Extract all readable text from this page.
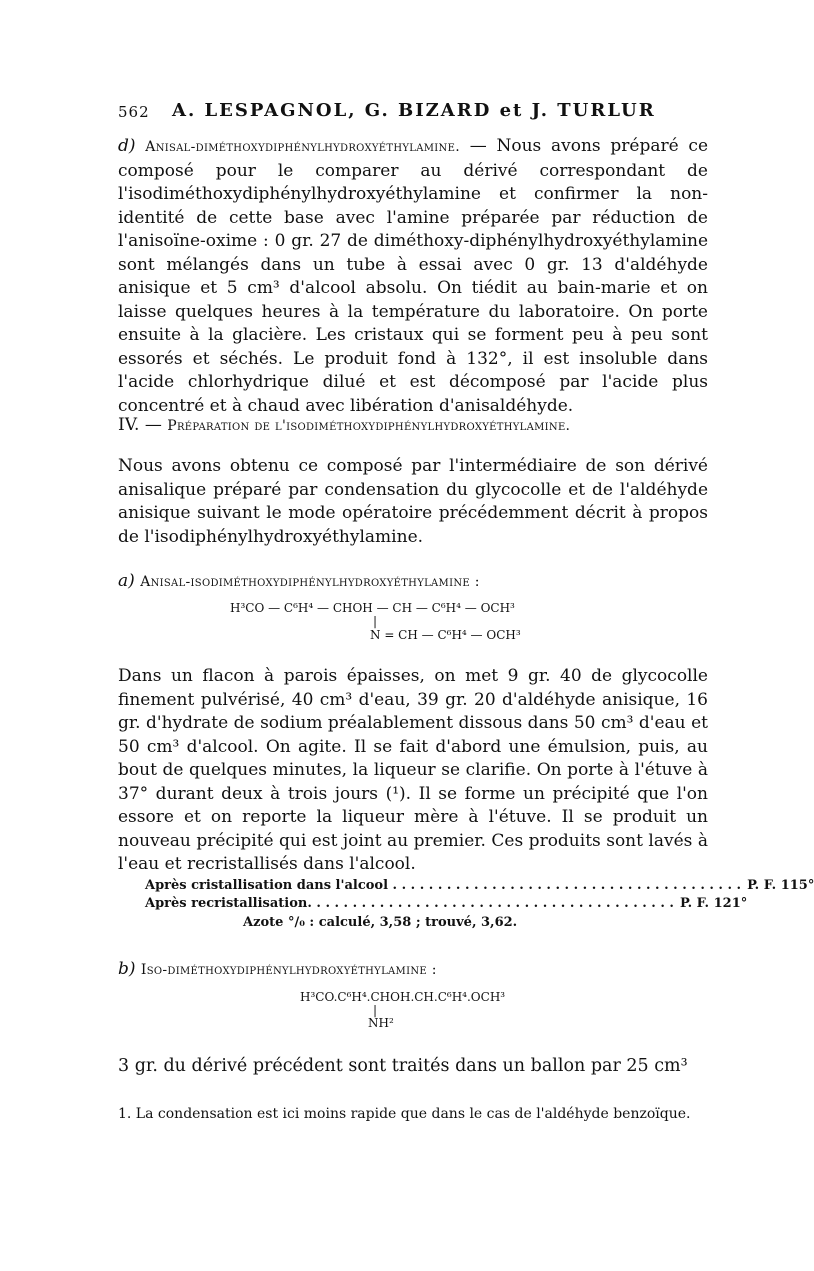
562 A. LESPAGNOL, G. BIZARD et J. TURLUR
d) Anisal-diméthoxydiphénylhydroxyéthylamine. — Nous avons préparé ce composé pour le comparer au dérivé correspondant de l'isodiméthoxydiphénylhydroxyéthylamine et confirmer la non-identité de cette base avec l'amine préparée par réduction de l'anisoïne-oxime : 0 gr. 27 de diméthoxy-diphénylhydroxyéthylamine sont mélangés dans un tube à essai avec 0 gr. 13 d'aldéhyde anisique et 5 cm³ d'alcool absolu. On tiédit au bain-marie et on laisse quelques heures à la température du laboratoire. On porte ensuite à la glacière. Les cristaux qui se forment peu à peu sont essorés et séchés. Le produit fond à 132°, il est insoluble dans l'acide chlorhydrique dilué et est décomposé par l'acide plus concentré et à chaud avec libération d'anisaldéhyde.
IV. — Préparation de l'isodiméthoxydiphénylhydroxyéthylamine.
Nous avons obtenu ce composé par l'intermédiaire de son dérivé anisalique préparé par condensation du glycocolle et de l'aldéhyde anisique suivant le mode opératoire précédemment décrit à propos de l'isodiphénylhydroxyéthylamine.
a) Anisal-isodiméthoxydiphénylhydroxyéthylamine :
H³CO — C⁶H⁴ — CHOH — CH — C⁶H⁴ — OCH³
|
N = CH — C⁶H⁴ — OCH³
Dans un flacon à parois épaisses, on met 9 gr. 40 de glycocolle finement pulvérisé, 40 cm³ d'eau, 39 gr. 20 d'aldéhyde anisique, 16 gr. d'hydrate de sodium préalablement dissous dans 50 cm³ d'eau et 50 cm³ d'alcool. On agite. Il se fait d'abord une émulsion, puis, au bout de quelques minutes, la liqueur se clarifie. On porte à l'étuve à 37° durant deux à trois jours (¹). Il se forme un précipité que l'on essore et on reporte la liqueur mère à l'étuve. Il se produit un nouveau précipité qui est joint au premier. Ces produits sont lavés à l'eau et recristallisés dans l'alcool.
Après cristallisation dans l'alcool . . . . . . . . . . . . . . . . . . . . . . . . . . . . . . . . . . . . . . . P. F. 115°
Après recristallisation . . . . . . . . . . . . . . . . . . . . . . . . . . . . . . . . . . . . . . . . . P. F. 121°
Azote °/₀ : calculé, 3,58 ; trouvé, 3,62.
b) Iso-diméthoxydiphénylhydroxyéthylamine :
H³CO.C⁶H⁴.CHOH.CH.C⁶H⁴.OCH³
|
NH²
3 gr. du dérivé précédent sont traités dans un ballon par 25 cm³
1. La condensation est ici moins rapide que dans le cas de l'aldéhyde benzoïque.
